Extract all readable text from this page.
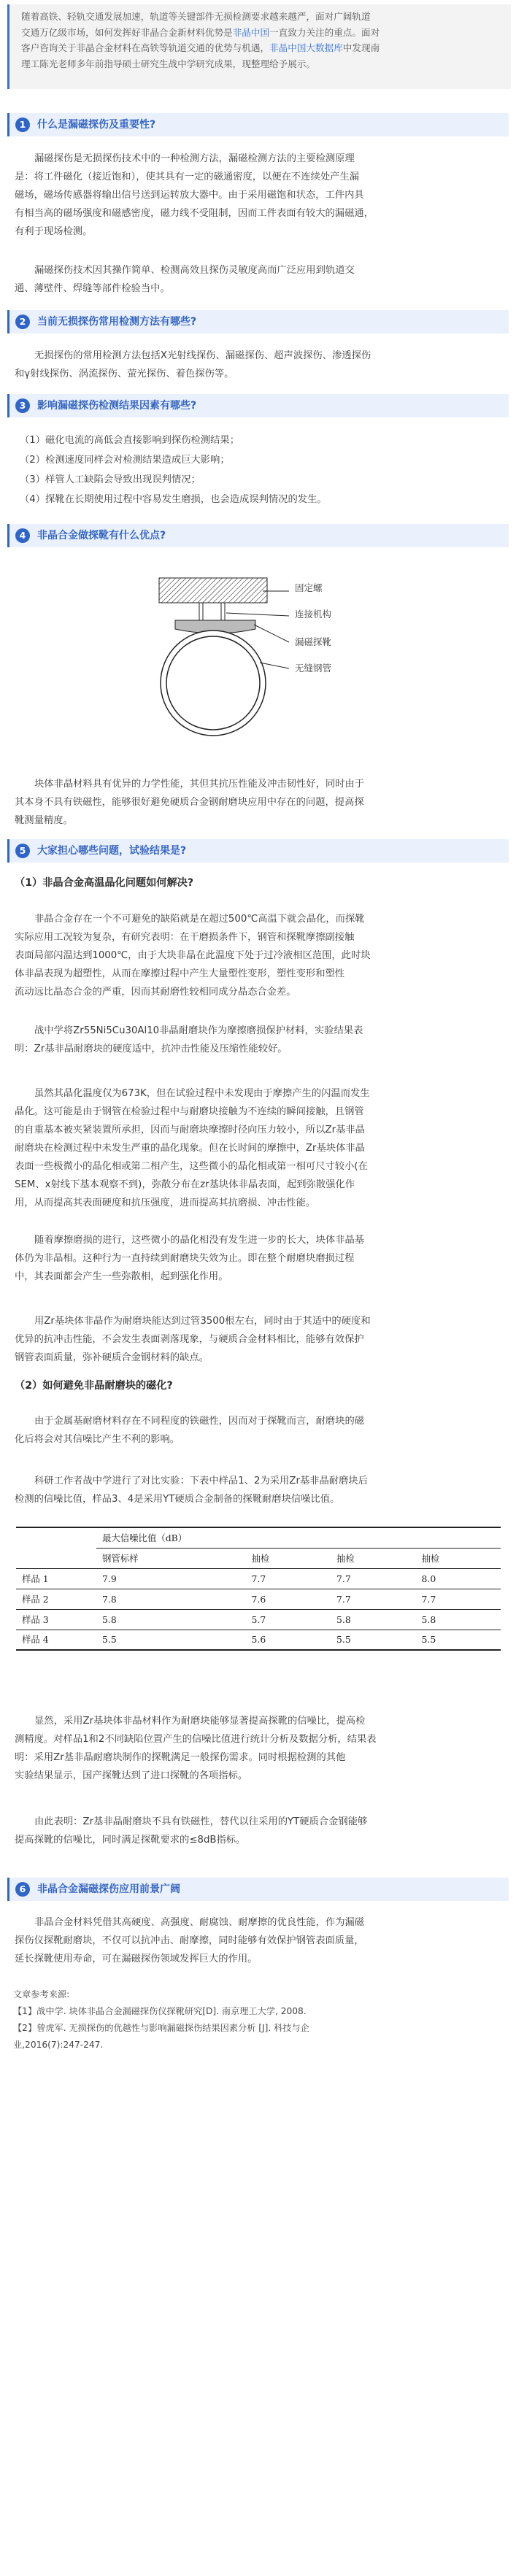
随着高铁、轻轨交通发展加速，轨道等关键部件无损检测要求越来越严，面对广阔轨道
交通万亿级市场，如何发挥好非晶合金新材料优势是非晶中国一直致力关注的重点。面对
客户咨询关于非晶合金材料在高铁等轨道交通的优势与机遇，非晶中国大数据库中发现南
理工陈光老师多年前指导硕士研究生战中学研究成果，现整理给予展示。
1	什么是漏磁探伤及重要性?

漏磁探伤是无损探伤技术中的一种检测方法，漏磁检测方法的主要检测原理

是：将工件磁化（接近饱和），使其具有一定的磁通密度，以便在不连续处产生漏
磁场，磁场传感器将输出信号送到运转放大器中。由于采用磁饱和状态，工件内具
有相当高的磁场强度和磁感密度，磁力线不受阻制，因而工件表面有较大的漏磁通，
有利于现场检测。

漏磁探伤技术因其操作简单、检测高效且探伤灵敏度高而广泛应用到轨道交

通、薄壁件、焊缝等部件检验当中。
2	当前无损探伤常用检测方法有哪些?

无损探伤的常用检测方法包括X光射线探伤、漏磁探伤、超声波探伤、渗透探伤

和γ射线探伤、涡流探伤、萤光探伤、着色探伤等。
3	影响漏磁探伤检测结果因素有哪些?
（1）磁化电流的高低会直接影响到探伤检测结果；
（2）检测速度同样会对检测结果造成巨大影响；
（3）样管人工缺陷会导致出现误判情况；
（4）探靴在长期使用过程中容易发生磨损，也会造成误判情况的发生。
4	非晶合金做探靴有什么优点?
固定螺
连接机构
漏磁探靴
无缝钢管

块体非晶材料具有优异的力学性能，其但其抗压性能及冲击韧性好，同时由于

其本身不具有铁磁性，能够很好避免硬质合金钢耐磨块应用中存在的问题，提高探
靴测量精度。
5	大家担心哪些问题，试验结果是?
（1）非晶合金高温晶化问题如何解决?

非晶合金存在一个不可避免的缺陷就是在超过500℃高温下就会晶化，而探靴

实际应用工况较为复杂，有研究表明：在干磨损条件下，钢管和探靴摩擦副接触
表面局部闪温达到1000℃，由于大块非晶在此温度下处于过冷液相区范围，此时块
体非晶表现为超塑性，从而在摩擦过程中产生大量塑性变形，塑性变形和塑性
流动远比晶态合金的严重，因而其耐磨性较相同成分晶态合金差。

战中学将Zr55Ni5Cu30Al10非晶耐磨块作为摩擦磨损保护材料，实验结果表

明：Zr基非晶耐磨块的硬度适中，抗冲击性能及压缩性能较好。

虽然其晶化温度仅为673K，但在试验过程中未发现由于摩擦产生的闪温而发生

晶化。这可能是由于钢管在检验过程中与耐磨块接触为不连续的瞬间接触，且钢管
的自重基本被夹紧装置所承担，因而与耐磨块摩擦时径向压力较小，所以Zr基非晶
耐磨块在检测过程中未发生严重的晶化现象。但在长时间的摩擦中，Zr基块体非晶
表面一些极微小的晶化相或第二相产生，这些微小的晶化相或第一相可尺寸较小(在
SEM、x射线下基本观察不到)，弥散分布在zr基块体非晶表面，起到弥散强化作
用，从而提高其表面硬度和抗压强度，进而提高其抗磨损、冲击性能。

随着摩擦磨损的进行，这些微小的晶化相没有发生进一步的长大，块体非晶基

体仍为非晶相。这种行为一直持续到耐磨块失效为止。即在整个耐磨块磨损过程
中，其表面都会产生一些弥散相，起到强化作用。

用Zr基块体非晶作为耐磨块能达到过管3500根左右，同时由于其适中的硬度和

优异的抗冲击性能，不会发生表面剥落现象，与硬质合金材料相比，能够有效保护
钢管表面质量，弥补硬质合金钢材料的缺点。
（2）如何避免非晶耐磨块的磁化?

由于金属基耐磨材料存在不同程度的铁磁性，因而对于探靴而言，耐磨块的磁

化后将会对其信噪比产生不利的影响。

科研工作者战中学进行了对比实验：下表中样品1、2为采用Zr基非晶耐磨块后

检测的信噪比值，样品3、4是采用YT硬质合金制备的探靴耐磨块信噪比值。
	最大信噪比值（dB）			
	钢管标样	抽检	抽检	抽检
样品 1	7.9	7.7	7.7	8.0
样品 2	7.8	7.6	7.7	7.7
样品 3	5.8	5.7	5.8	5.8
样品 4	5.5	5.6	5.5	5.5

显然，采用Zr基块体非晶材料作为耐磨块能够显著提高探靴的信噪比，提高检

测精度。对样品1和2不同缺陷位置产生的信噪比值进行统计分析及数据分析，结果表
明：采用Zr基非晶耐磨块制作的探靴满足一般探伤需求。同时根据检测的其他
实验结果显示，国产探靴达到了进口探靴的各项指标。

由此表明：Zr基非晶耐磨块不具有铁磁性，替代以往采用的YT硬质合金钢能够

提高探靴的信噪比，同时满足探靴要求的≤8dB指标。
6	非晶合金漏磁探伤应用前景广阔

非晶合金材料凭借其高硬度、高强度、耐腐蚀、耐摩擦的优良性能，作为漏磁

探伤仪探靴耐磨块，不仅可以抗冲击、耐摩擦，同时能够有效保护钢管表面质量，
延长探靴使用寿命，可在漏磁探伤领域发挥巨大的作用。
文章参考来源:
【1】战中学. 块体非晶合金漏磁探伤仪探靴研究[D]. 南京理工大学, 2008.
【2】曾虎军. 无损探伤的优越性与影响漏磁探伤结果因素分析 [J]. 科技与企
业,2016(7):247-247.
